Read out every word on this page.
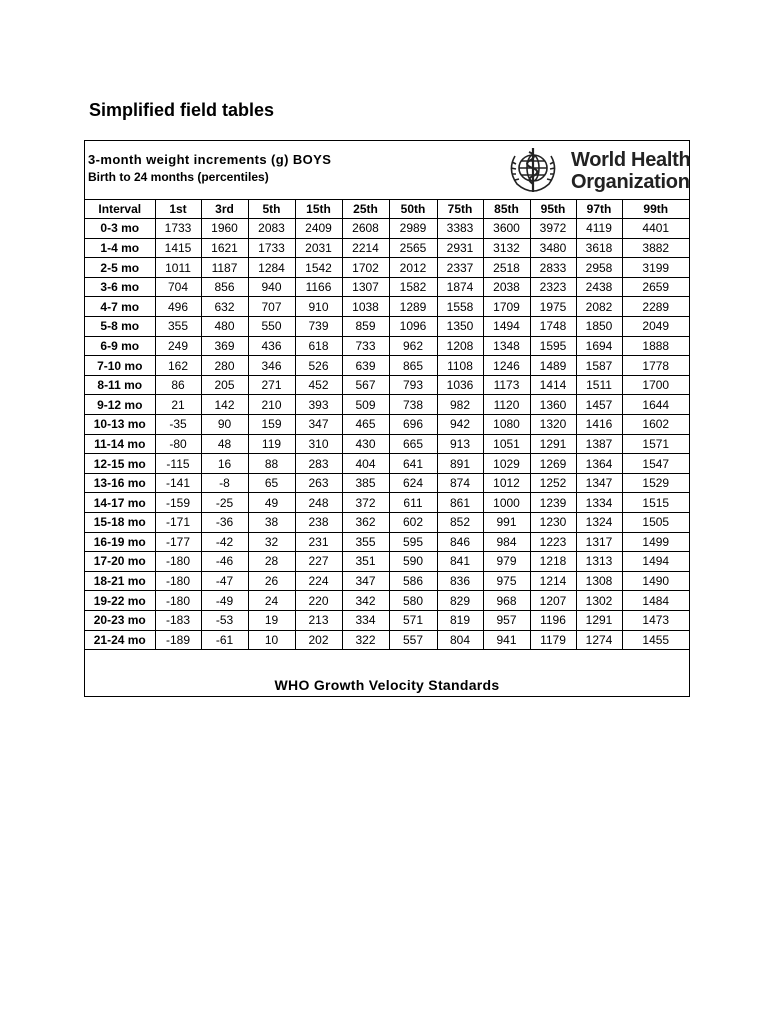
Simplified field tables
3-month weight increments (g) BOYS
Birth to 24 months (percentiles)
World Health
Organization
Interval	1st	3rd	5th	15th	25th	50th	75th	85th	95th	97th	99th
0-3 mo	1733	1960	2083	2409	2608	2989	3383	3600	3972	4119	4401
1-4 mo	1415	1621	1733	2031	2214	2565	2931	3132	3480	3618	3882
2-5 mo	1011	1187	1284	1542	1702	2012	2337	2518	2833	2958	3199
3-6 mo	704	856	940	1166	1307	1582	1874	2038	2323	2438	2659
4-7 mo	496	632	707	910	1038	1289	1558	1709	1975	2082	2289
5-8 mo	355	480	550	739	859	1096	1350	1494	1748	1850	2049
6-9 mo	249	369	436	618	733	962	1208	1348	1595	1694	1888
7-10 mo	162	280	346	526	639	865	1108	1246	1489	1587	1778
8-11 mo	86	205	271	452	567	793	1036	1173	1414	1511	1700
9-12 mo	21	142	210	393	509	738	982	1120	1360	1457	1644
10-13 mo	-35	90	159	347	465	696	942	1080	1320	1416	1602
11-14 mo	-80	48	119	310	430	665	913	1051	1291	1387	1571
12-15 mo	-115	16	88	283	404	641	891	1029	1269	1364	1547
13-16 mo	-141	-8	65	263	385	624	874	1012	1252	1347	1529
14-17 mo	-159	-25	49	248	372	611	861	1000	1239	1334	1515
15-18 mo	-171	-36	38	238	362	602	852	991	1230	1324	1505
16-19 mo	-177	-42	32	231	355	595	846	984	1223	1317	1499
17-20 mo	-180	-46	28	227	351	590	841	979	1218	1313	1494
18-21 mo	-180	-47	26	224	347	586	836	975	1214	1308	1490
19-22 mo	-180	-49	24	220	342	580	829	968	1207	1302	1484
20-23 mo	-183	-53	19	213	334	571	819	957	1196	1291	1473
21-24 mo	-189	-61	10	202	322	557	804	941	1179	1274	1455
WHO Growth Velocity Standards
